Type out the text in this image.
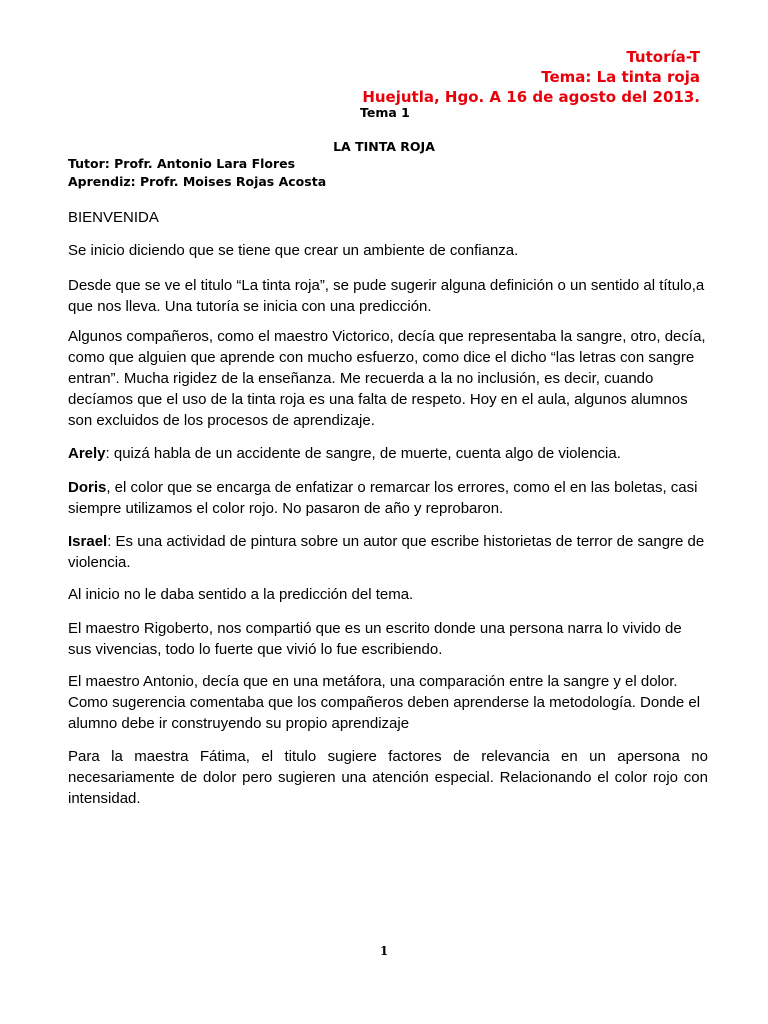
Tutoría-T

Tema: La tinta roja

Huejutla, Hgo. A 16 de agosto del 2013.

Tema 1

LA TINTA ROJA

Tutor: Profr. Antonio Lara Flores

Aprendiz: Profr. Moises Rojas Acosta

BIENVENIDA

Se inicio diciendo que se tiene que crear un ambiente de confianza.

Desde que se ve el titulo “La tinta roja”, se pude sugerir alguna definición o un sentido al título,a que nos lleva. Una tutoría se inicia con una predicción.

Algunos compañeros, como el maestro Victorico, decía que representaba la sangre, otro, decía, como que alguien que aprende con mucho esfuerzo, como dice el dicho “las letras con sangre entran”. Mucha rigidez de la enseñanza. Me recuerda a la no inclusión, es decir, cuando decíamos que el uso de la tinta roja es una falta de respeto. Hoy en el aula, algunos alumnos son excluidos de los procesos de aprendizaje.

Arely: quizá habla de un accidente de sangre, de muerte, cuenta algo de violencia.

Doris, el color que se encarga de enfatizar o remarcar los errores, como el en las boletas, casi siempre utilizamos el color rojo. No pasaron de año y reprobaron.

Israel: Es una actividad de pintura sobre un autor que escribe historietas de terror de sangre de violencia.

Al inicio no le daba sentido a la predicción del tema.

El maestro Rigoberto, nos compartió que es un escrito donde una persona narra lo vivido de sus vivencias, todo lo fuerte que vivió lo fue escribiendo.

El maestro Antonio, decía que en una metáfora, una comparación entre la sangre y el dolor. Como sugerencia comentaba que los compañeros deben aprenderse la metodología. Donde el alumno debe ir construyendo su propio aprendizaje

Para la maestra Fátima, el titulo sugiere factores de relevancia en un apersona no necesariamente de dolor pero sugieren una atención especial. Relacionando el color rojo con intensidad.

1
